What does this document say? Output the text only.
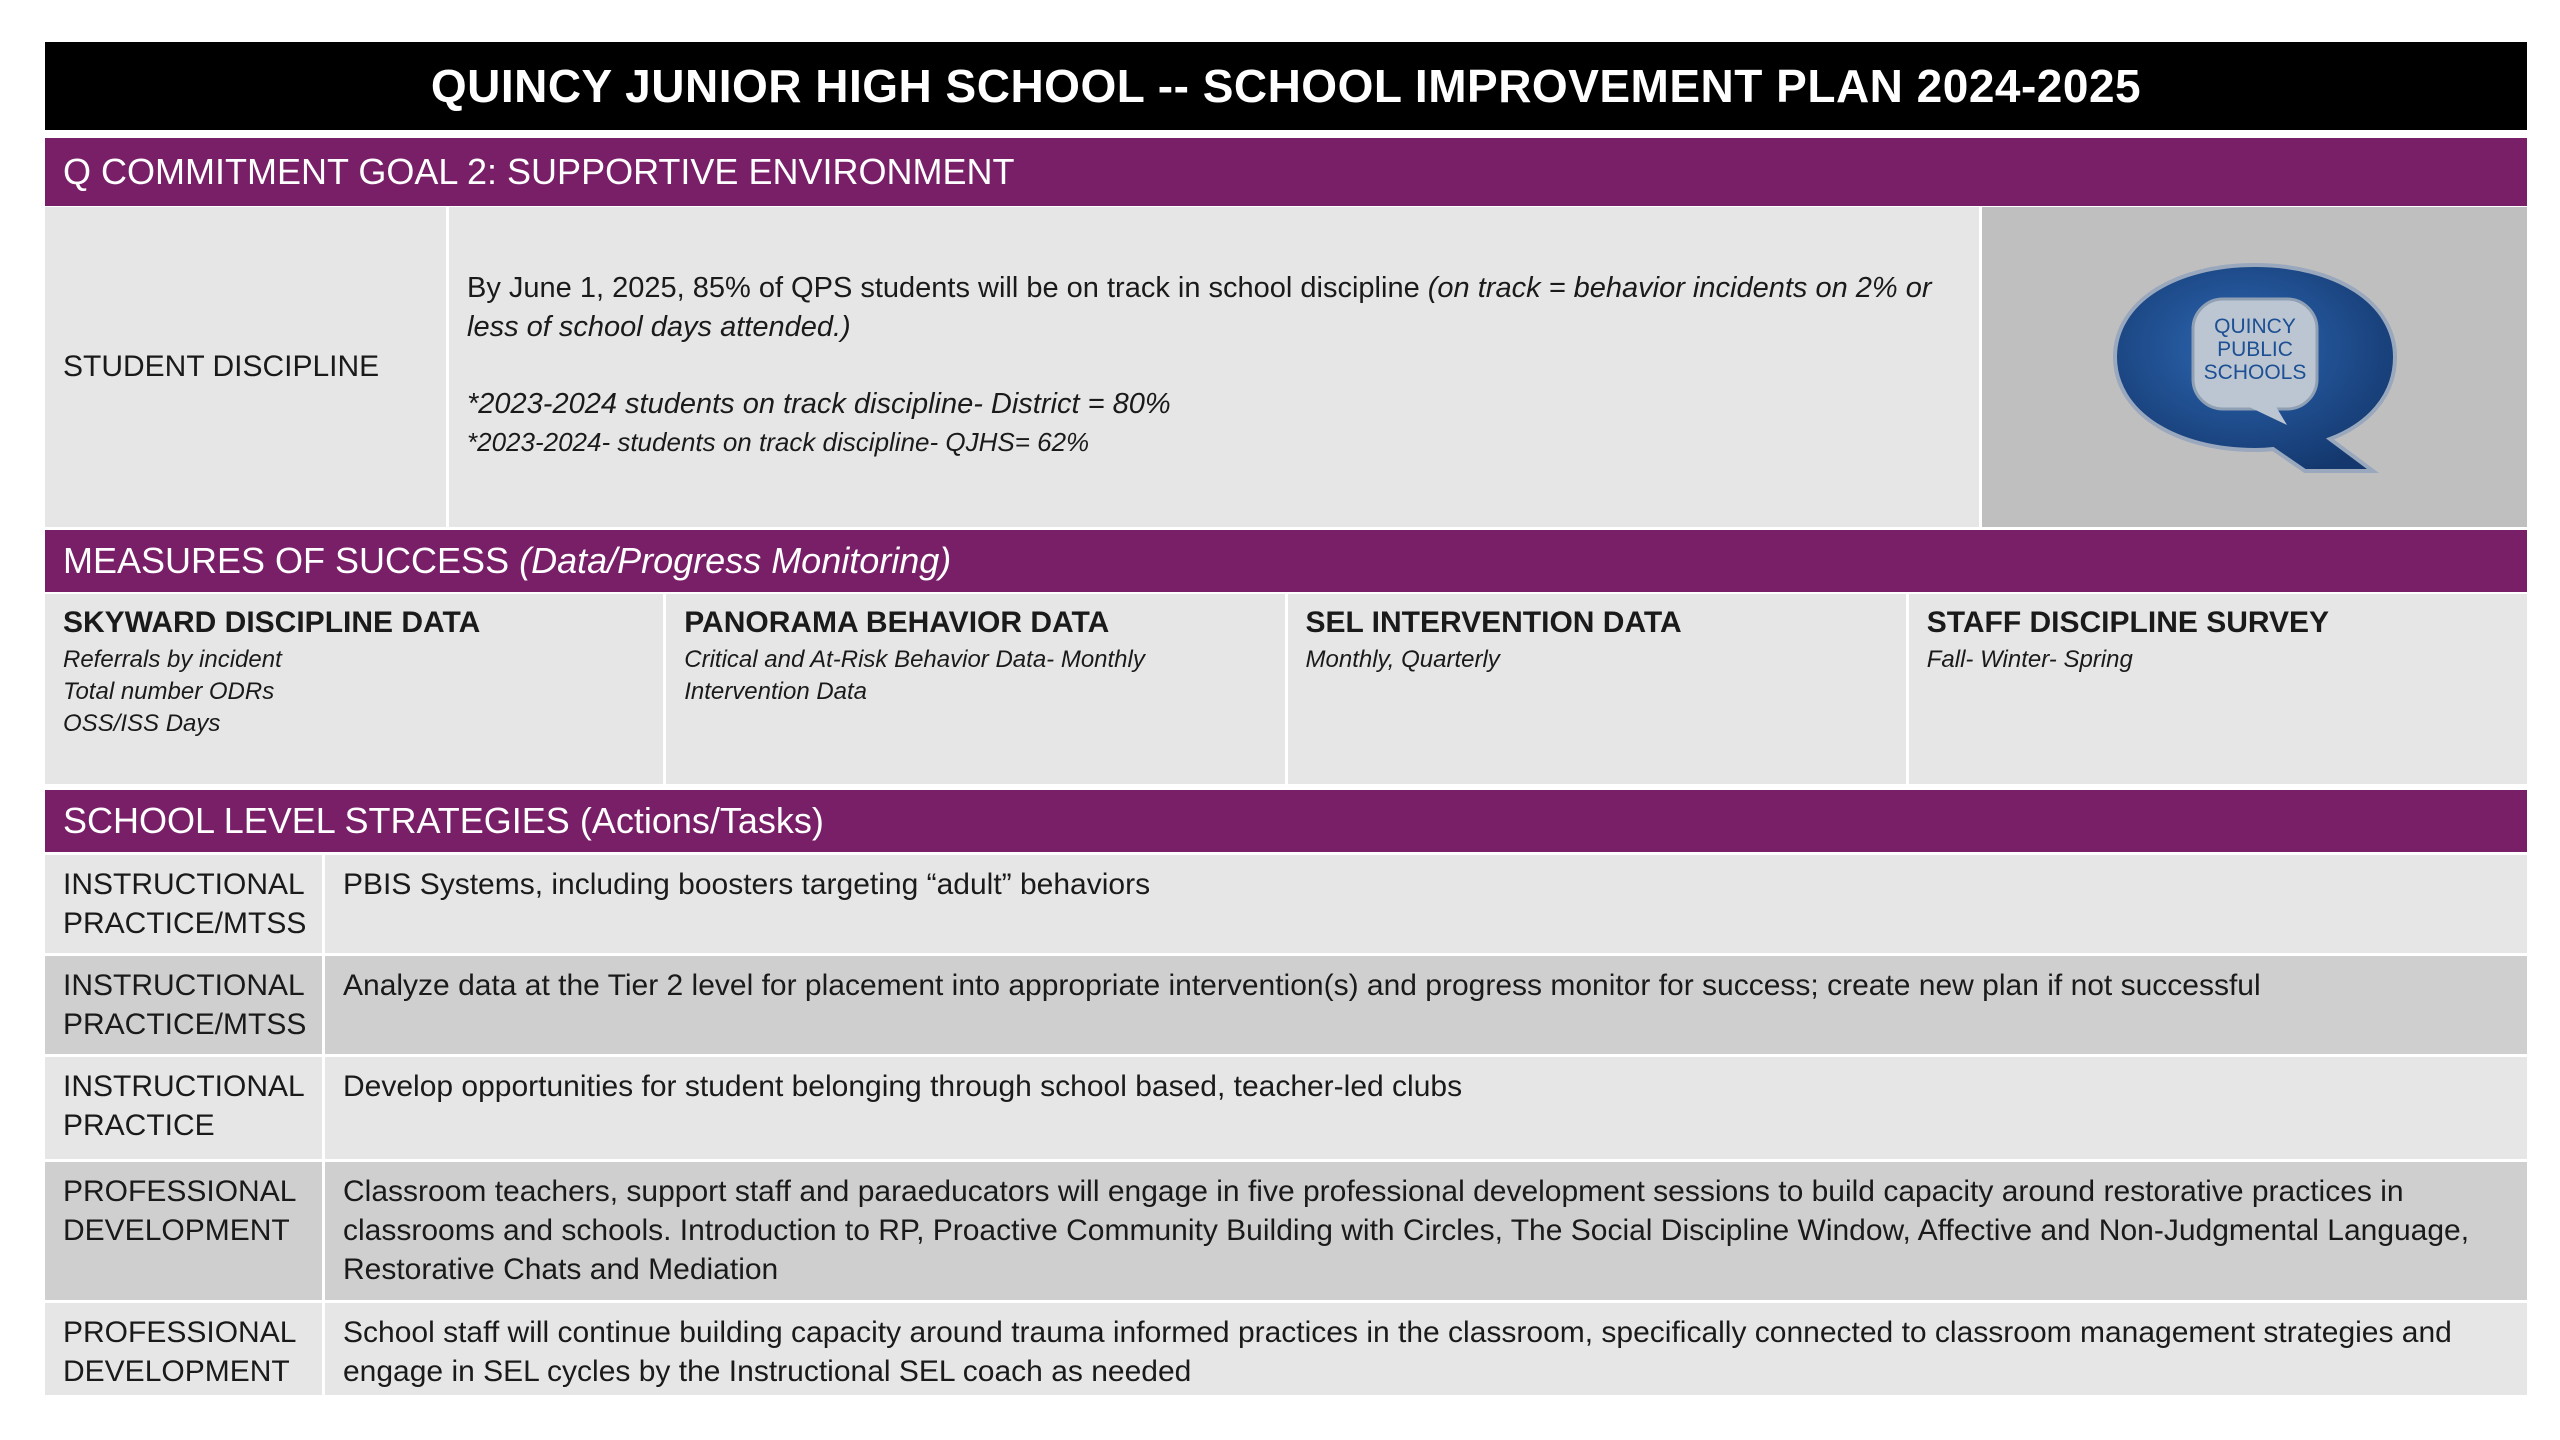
QUINCY JUNIOR HIGH SCHOOL -- SCHOOL IMPROVEMENT PLAN 2024-2025
Q COMMITMENT GOAL 2: SUPPORTIVE ENVIRONMENT
STUDENT DISCIPLINE
By June 1, 2025, 85% of QPS students will be on track in school discipline (on track = behavior incidents on 2% or less of school days attended.)
*2023-2024 students on track discipline- District = 80%
*2023-2024- students on track discipline- QJHS= 62%
QUINCY
PUBLIC
SCHOOLS
MEASURES OF SUCCESS
(Data/Progress Monitoring)
SKYWARD DISCIPLINE DATA
Referrals by incident
Total number ODRs
OSS/ISS Days
PANORAMA BEHAVIOR DATA
Critical and At-Risk Behavior Data- Monthly
Intervention Data
SEL INTERVENTION DATA
Monthly, Quarterly
STAFF DISCIPLINE SURVEY
Fall- Winter- Spring
SCHOOL LEVEL STRATEGIES (Actions/Tasks)
INSTRUCTIONAL
PRACTICE/MTSS
PBIS Systems, including boosters targeting “adult” behaviors
INSTRUCTIONAL
PRACTICE/MTSS
Analyze data at the Tier 2 level for placement into appropriate intervention(s) and progress monitor for success; create new plan if not successful
INSTRUCTIONAL
PRACTICE
Develop opportunities for student belonging through school based, teacher-led clubs
PROFESSIONAL
DEVELOPMENT
Classroom teachers, support staff and paraeducators will engage in five professional development sessions to build capacity around restorative practices in classrooms and schools. Introduction to RP, Proactive Community Building with Circles, The Social Discipline Window, Affective and Non-Judgmental Language, Restorative Chats and Mediation
PROFESSIONAL
DEVELOPMENT
School staff will continue building capacity around trauma informed practices in the classroom, specifically connected to classroom management strategies and engage in SEL cycles by the Instructional SEL coach as needed
